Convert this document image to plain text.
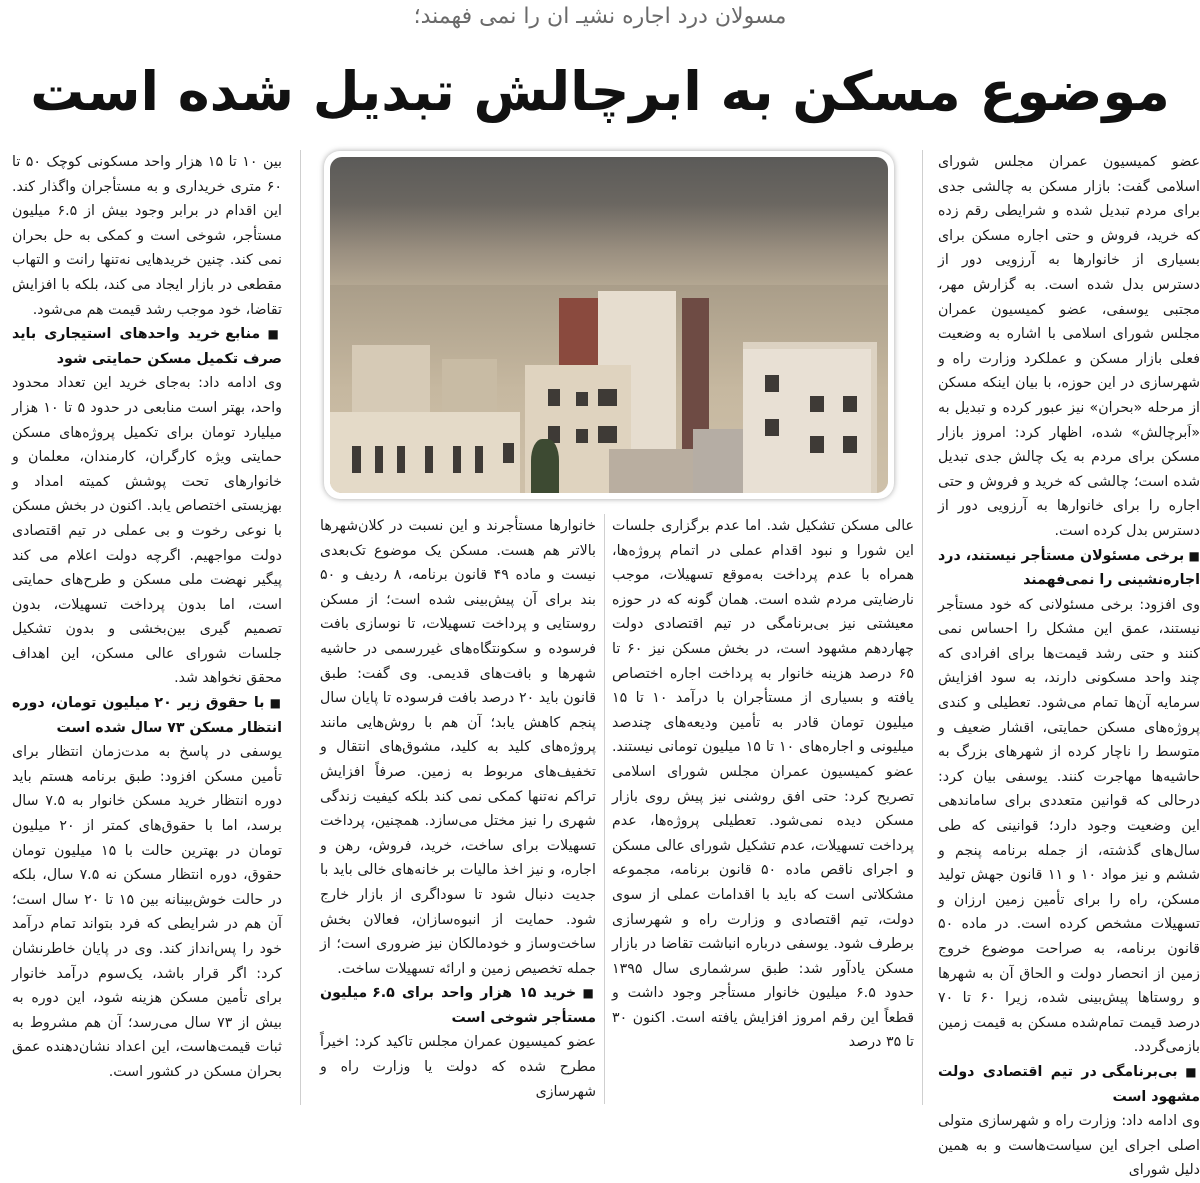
مسولان درد اجاره نشیـ ان را نمی فهمند؛
موضوع مسکن به ابرچالش تبدیل شده است

عضو کمیسیون عمران مجلس شورای اسلامی گفت: بازار مسکن به چالشی جدی برای مردم تبدیل شده و شرایطی رقم زده که خرید، فروش و حتی اجاره مسکن برای بسیاری از خانوارها به آرزویی دور از دسترس بدل شده است. به گزارش مهر، مجتبی یوسفی، عضو کمیسیون عمران مجلس شورای اسلامی با اشاره به وضعیت فعلی بازار مسکن و عملکرد وزارت راه و شهرسازی در این حوزه، با بیان اینکه مسکن از مرحله «بحران» نیز عبور کرده و تبدیل به «اَبرچالش» شده، اظهار کرد: امروز بازار مسکن برای مردم به یک چالش جدی تبدیل شده است؛ چالشی که خرید و فروش و حتی اجاره را برای خانوارها به آرزویی دور از دسترس بدل کرده است.

■ برخی مسئولان مستأجر نیستند، درد اجاره‌نشینی را نمی‌فهمند

وی افزود: برخی مسئولانی که خود مستأجر نیستند، عمق این مشکل را احساس نمی کنند و حتی رشد قیمت‌ها برای افرادی که چند واحد مسکونی دارند، به سود افزایش سرمایه آن‌ها تمام می‌شود. تعطیلی و کندی پروژه‌های مسکن حمایتی، اقشار ضعیف و متوسط را ناچار کرده از شهرهای بزرگ به حاشیه‌ها مهاجرت کنند. یوسفی بیان کرد: درحالی که قوانین متعددی برای ساماندهی این وضعیت وجود دارد؛ قوانینی که طی سال‌های گذشته، از جمله برنامه پنجم و ششم و نیز مواد ۱۰ و ۱۱ قانون جهش تولید مسکن، راه را برای تأمین زمین ارزان و تسهیلات مشخص کرده است. در ماده ۵۰ قانون برنامه، به صراحت موضوع خروج زمین از انحصار دولت و الحاق آن به شهرها و روستاها پیش‌بینی شده، زیرا ۶۰ تا ۷۰ درصد قیمت تمام‌شده مسکن به قیمت زمین بازمی‌گردد.

■ بی‌برنامگی در تیم اقتصادی دولت مشهود است

وی ادامه داد: وزارت راه و شهرسازی متولی اصلی اجرای این سیاست‌هاست و به همین دلیل شورای

عالی مسکن تشکیل شد. اما عدم برگزاری جلسات این شورا و نبود اقدام عملی در اتمام پروژه‌ها، همراه با عدم پرداخت به‌موقع تسهیلات، موجب نارضایتی مردم شده است. همان گونه که در حوزه معیشتی نیز بی‌برنامگی در تیم اقتصادی دولت چهاردهم مشهود است، در بخش مسکن نیز ۶۰ تا ۶۵ درصد هزینه خانوار به پرداخت اجاره اختصاص یافته و بسیاری از مستأجران با درآمد ۱۰ تا ۱۵ میلیون تومان قادر به تأمین ودیعه‌های چندصد میلیونی و اجاره‌های ۱۰ تا ۱۵ میلیون تومانی نیستند. عضو کمیسیون عمران مجلس شورای اسلامی تصریح کرد: حتی افق روشنی نیز پیش روی بازار مسکن دیده نمی‌شود. تعطیلی پروژه‌ها، عدم پرداخت تسهیلات، عدم تشکیل شورای عالی مسکن و اجرای ناقص ماده ۵۰ قانون برنامه، مجموعه مشکلاتی است که باید با اقدامات عملی از سوی دولت، تیم اقتصادی و وزارت راه و شهرسازی برطرف شود. یوسفی درباره انباشت تقاضا در بازار مسکن یادآور شد: طبق سرشماری سال ۱۳۹۵ حدود ۶.۵ میلیون خانوار مستأجر وجود داشت و قطعاً این رقم امروز افزایش یافته است. اکنون ۳۰ تا ۳۵ درصد

خانوارها مستأجرند و این نسبت در کلان‌شهرها بالاتر هم هست. مسکن یک موضوع تک‌بعدی نیست و ماده ۴۹ قانون برنامه، ۸ ردیف و ۵۰ بند برای آن پیش‌بینی شده است؛ از مسکن روستایی و پرداخت تسهیلات، تا نوسازی بافت فرسوده و سکونتگاه‌های غیررسمی در حاشیه شهرها و بافت‌های قدیمی. وی گفت: طبق قانون باید ۲۰ درصد بافت فرسوده تا پایان سال پنجم کاهش یابد؛ آن هم با روش‌هایی مانند پروژه‌های کلید به کلید، مشوق‌های انتقال و تخفیف‌های مربوط به زمین. صرفاً افزایش تراکم نه‌تنها کمکی نمی کند بلکه کیفیت زندگی شهری را نیز مختل می‌سازد. همچنین، پرداخت تسهیلات برای ساخت، خرید، فروش، رهن و اجاره، و نیز اخذ مالیات بر خانه‌های خالی باید با جدیت دنبال شود تا سوداگری از بازار خارج شود. حمایت از انبوه‌سازان، فعالان بخش ساخت‌وساز و خودمالکان نیز ضروری است؛ از جمله تخصیص زمین و ارائه تسهیلات ساخت.

■ خرید ۱۵ هزار واحد برای ۶.۵ میلیون مستأجر شوخی است

عضو کمیسیون عمران مجلس تاکید کرد: اخیراً مطرح شده که دولت یا وزارت راه و شهرسازی

بین ۱۰ تا ۱۵ هزار واحد مسکونی کوچک ۵۰ تا ۶۰ متری خریداری و به مستأجران واگذار کند. این اقدام در برابر وجود بیش از ۶.۵ میلیون مستأجر، شوخی است و کمکی به حل بحران نمی کند. چنین خریدهایی نه‌تنها رانت و التهاب مقطعی در بازار ایجاد می کند، بلکه با افزایش تقاضا، خود موجب رشد قیمت هم می‌شود.

■ منابع خرید واحدهای استیجاری باید صرف تکمیل مسکن حمایتی شود

وی ادامه داد: به‌جای خرید این تعداد محدود واحد، بهتر است منابعی در حدود ۵ تا ۱۰ هزار میلیارد تومان برای تکمیل پروژه‌های مسکن حمایتی ویژه کارگران، کارمندان، معلمان و خانوارهای تحت پوشش کمیته امداد و بهزیستی اختصاص یابد. اکنون در بخش مسکن با نوعی رخوت و بی عملی در تیم اقتصادی دولت مواجهیم. اگرچه دولت اعلام می کند پیگیر نهضت ملی مسکن و طرح‌های حمایتی است، اما بدون پرداخت تسهیلات، بدون تصمیم گیری بین‌بخشی و بدون تشکیل جلسات شورای عالی مسکن، این اهداف محقق نخواهد شد.

■ با حقوق زیر ۲۰ میلیون تومان، دوره انتظار مسکن ۷۳ سال شده است

یوسفی در پاسخ به مدت‌زمان انتظار برای تأمین مسکن افزود: طبق برنامه هستم باید دوره انتظار خرید مسکن خانوار به ۷.۵ سال برسد، اما با حقوق‌های کمتر از ۲۰ میلیون تومان در بهترین حالت با ۱۵ میلیون تومان حقوق، دوره انتظار مسکن نه ۷.۵ سال، بلکه در حالت خوش‌بینانه بین ۱۵ تا ۲۰ سال است؛ آن هم در شرایطی که فرد بتواند تمام درآمد خود را پس‌انداز کند. وی در پایان خاطرنشان کرد: اگر قرار باشد، یک‌سوم درآمد خانوار برای تأمین مسکن هزینه شود، این دوره به بیش از ۷۳ سال می‌رسد؛ آن هم مشروط به ثبات قیمت‌هاست، این اعداد نشان‌دهنده عمق بحران مسکن در کشور است.
